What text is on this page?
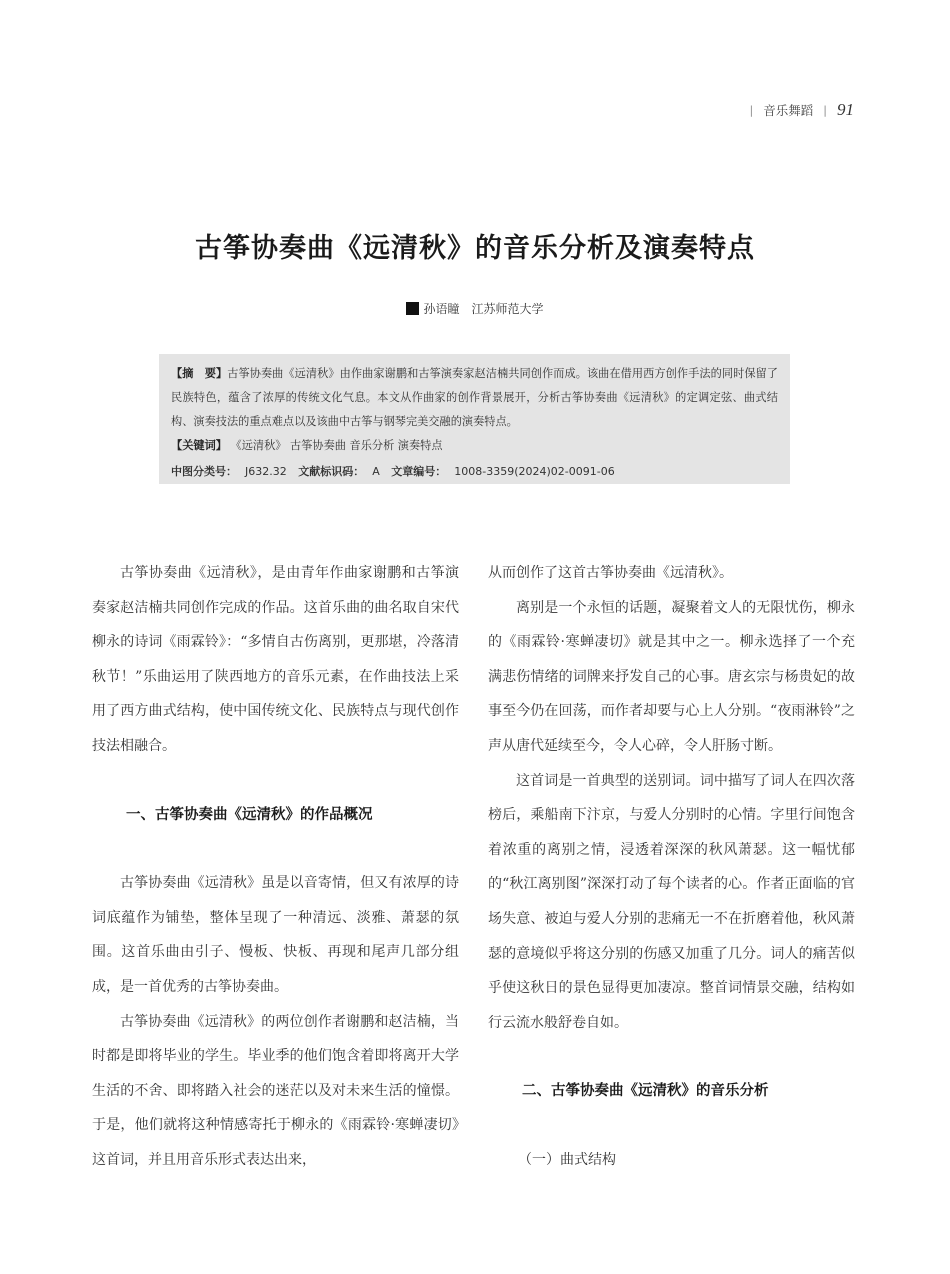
| 音乐舞蹈 | 91
古筝协奏曲《远清秋》的音乐分析及演奏特点
孙语瞳 江苏师范大学
【摘　要】古筝协奏曲《远清秋》由作曲家谢鹏和古筝演奏家赵洁楠共同创作而成。该曲在借用西方创作手法的同时保留了民族特色，蕴含了浓厚的传统文化气息。本文从作曲家的创作背景展开，分析古筝协奏曲《远清秋》的定调定弦、曲式结构、演奏技法的重点难点以及该曲中古筝与钢琴完美交融的演奏特点。
【关键词】 《远清秋》 古筝协奏曲 音乐分析 演奏特点
中图分类号： J632.32 文献标识码： A 文章编号： 1008-3359(2024)02-0091-06

古筝协奏曲《远清秋》，是由青年作曲家谢鹏和古筝演奏家赵洁楠共同创作完成的作品。这首乐曲的曲名取自宋代柳永的诗词《雨霖铃》：“多情自古伤离别，更那堪，冷落清秋节！”乐曲运用了陕西地方的音乐元素，在作曲技法上采用了西方曲式结构，使中国传统文化、民族特点与现代创作技法相融合。

一、古筝协奏曲《远清秋》的作品概况

古筝协奏曲《远清秋》虽是以音寄情，但又有浓厚的诗词底蕴作为铺垫，整体呈现了一种清远、淡雅、萧瑟的氛围。这首乐曲由引子、慢板、快板、再现和尾声几部分组成，是一首优秀的古筝协奏曲。

古筝协奏曲《远清秋》的两位创作者谢鹏和赵洁楠，当时都是即将毕业的学生。毕业季的他们饱含着即将离开大学生活的不舍、即将踏入社会的迷茫以及对未来生活的憧憬。于是，他们就将这种情感寄托于柳永的《雨霖铃·寒蝉凄切》这首词，并且用音乐形式表达出来，

从而创作了这首古筝协奏曲《远清秋》。

离别是一个永恒的话题，凝聚着文人的无限忧伤，柳永的《雨霖铃·寒蝉凄切》就是其中之一。柳永选择了一个充满悲伤情绪的词牌来抒发自己的心事。唐玄宗与杨贵妃的故事至今仍在回荡，而作者却要与心上人分别。“夜雨淋铃”之声从唐代延续至今，令人心碎，令人肝肠寸断。

这首词是一首典型的送别词。词中描写了词人在四次落榜后，乘船南下汴京，与爱人分别时的心情。字里行间饱含着浓重的离别之情，浸透着深深的秋风萧瑟。这一幅忧郁的“秋江离别图”深深打动了每个读者的心。作者正面临的官场失意、被迫与爱人分别的悲痛无一不在折磨着他，秋风萧瑟的意境似乎将这分别的伤感又加重了几分。词人的痛苦似乎使这秋日的景色显得更加凄凉。整首词情景交融，结构如行云流水般舒卷自如。

二、古筝协奏曲《远清秋》的音乐分析
（一）曲式结构
